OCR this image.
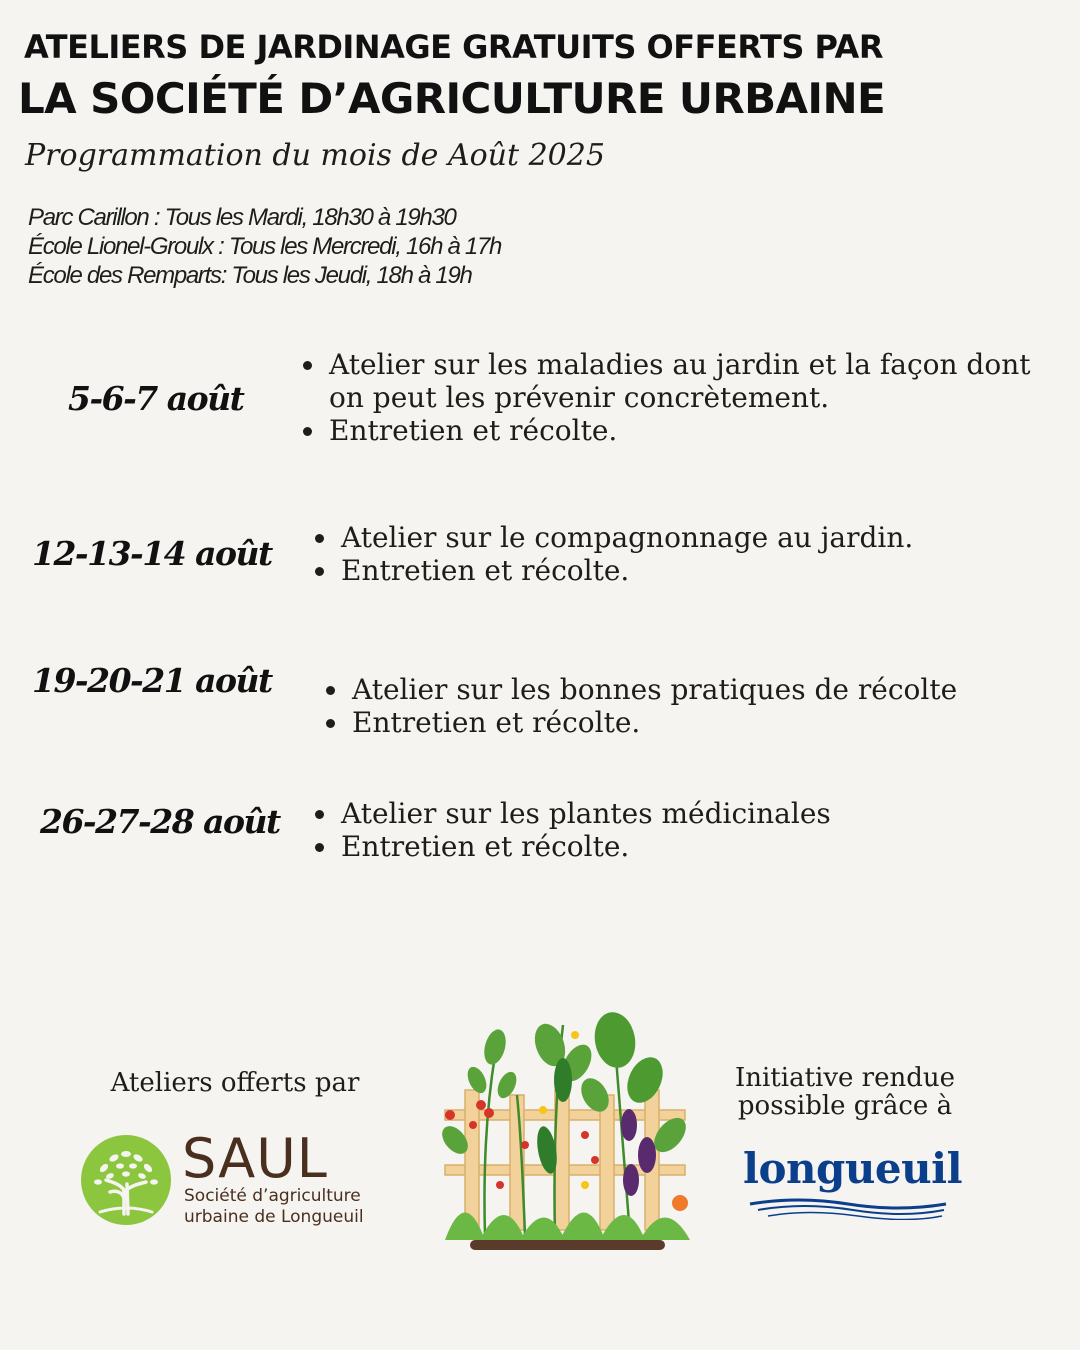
ATELIERS DE JARDINAGE GRATUITS OFFERTS PAR
LA SOCIÉTÉ D’AGRICULTURE URBAINE
Programmation du mois de Août 2025
Parc Carillon : Tous les Mardi, 18h30 à 19h30
École Lionel-Groulx : Tous les Mercredi, 16h à 17h
École des Remparts: Tous les Jeudi, 18h à 19h
5-6-7 août
• Atelier sur les maladies au jardin et la façon dont on peut les prévenir concrètement.
• Entretien et récolte.
12-13-14 août • Atelier sur le compagnonnage au jardin.
• Entretien et récolte.
19-20-21 août	• Atelier sur les bonnes pratiques de récolte
• Entretien et récolte.
26-27-28 août • Atelier sur les plantes médicinales
• Entretien et récolte.
Ateliers offerts par
SAUL
Société d’agriculture
urbaine de Longueuil
Initiative rendue
possible grâce à
longueuil
